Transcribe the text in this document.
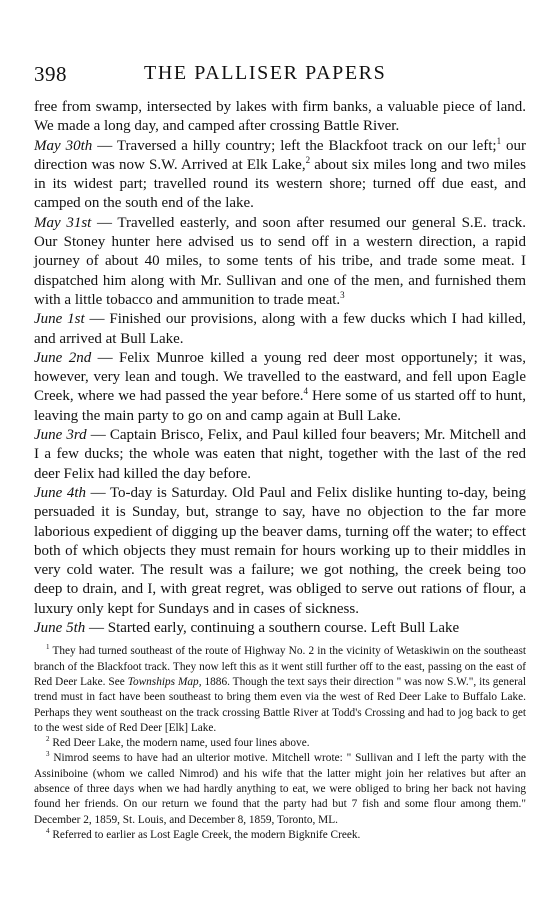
398	THE PALLISER PAPERS

free from swamp, intersected by lakes with firm banks, a valuable piece of land. We made a long day, and camped after crossing Battle River.

May 30th — Traversed a hilly country; left the Blackfoot track on our left;$^1$ our direction was now S.W. Arrived at Elk Lake,$^2$ about six miles long and two miles in its widest part; travelled round its western shore; turned off due east, and camped on the south end of the lake.

May 31st — Travelled easterly, and soon after resumed our general S.E. track. Our Stoney hunter here advised us to send off in a western direction, a rapid journey of about 40 miles, to some tents of his tribe, and trade some meat. I dispatched him along with Mr. Sullivan and one of the men, and furnished them with a little tobacco and ammunition to trade meat.$^3$

June 1st — Finished our provisions, along with a few ducks which I had killed, and arrived at Bull Lake.

June 2nd — Felix Munroe killed a young red deer most opportunely; it was, however, very lean and tough. We travelled to the eastward, and fell upon Eagle Creek, where we had passed the year before.$^4$ Here some of us started off to hunt, leaving the main party to go on and camp again at Bull Lake.

June 3rd — Captain Brisco, Felix, and Paul killed four beavers; Mr. Mitchell and I a few ducks; the whole was eaten that night, together with the last of the red deer Felix had killed the day before.

June 4th — To-day is Saturday. Old Paul and Felix dislike hunting to-day, being persuaded it is Sunday, but, strange to say, have no objection to the far more laborious expedient of digging up the beaver dams, turning off the water; to effect both of which objects they must remain for hours working up to their middles in very cold water. The result was a failure; we got nothing, the creek being too deep to drain, and I, with great regret, was obliged to serve out rations of flour, a luxury only kept for Sundays and in cases of sickness.

June 5th — Started early, continuing a southern course. Left Bull Lake

$^1$ They had turned southeast of the route of Highway No. 2 in the vicinity of Wetaskiwin on the southeast branch of the Blackfoot track. They now left this as it went still further off to the east, passing on the east of Red Deer Lake. See Townships Map, 1886. Though the text says their direction " was now S.W.", its general trend must in fact have been southeast to bring them even via the west of Red Deer Lake to Buffalo Lake. Perhaps they went southeast on the track crossing Battle River at Todd's Crossing and had to jog back to get to the west side of Red Deer [Elk] Lake.

$^2$ Red Deer Lake, the modern name, used four lines above.

$^3$ Nimrod seems to have had an ulterior motive. Mitchell wrote: " Sullivan and I left the party with the Assiniboine (whom we called Nimrod) and his wife that the latter might join her relatives but after an absence of three days when we had hardly anything to eat, we were obliged to bring her back not having found her friends. On our return we found that the party had but 7 fish and some flour among them." December 2, 1859, St. Louis, and December 8, 1859, Toronto, ML.

$^4$ Referred to earlier as Lost Eagle Creek, the modern Bigknife Creek.
